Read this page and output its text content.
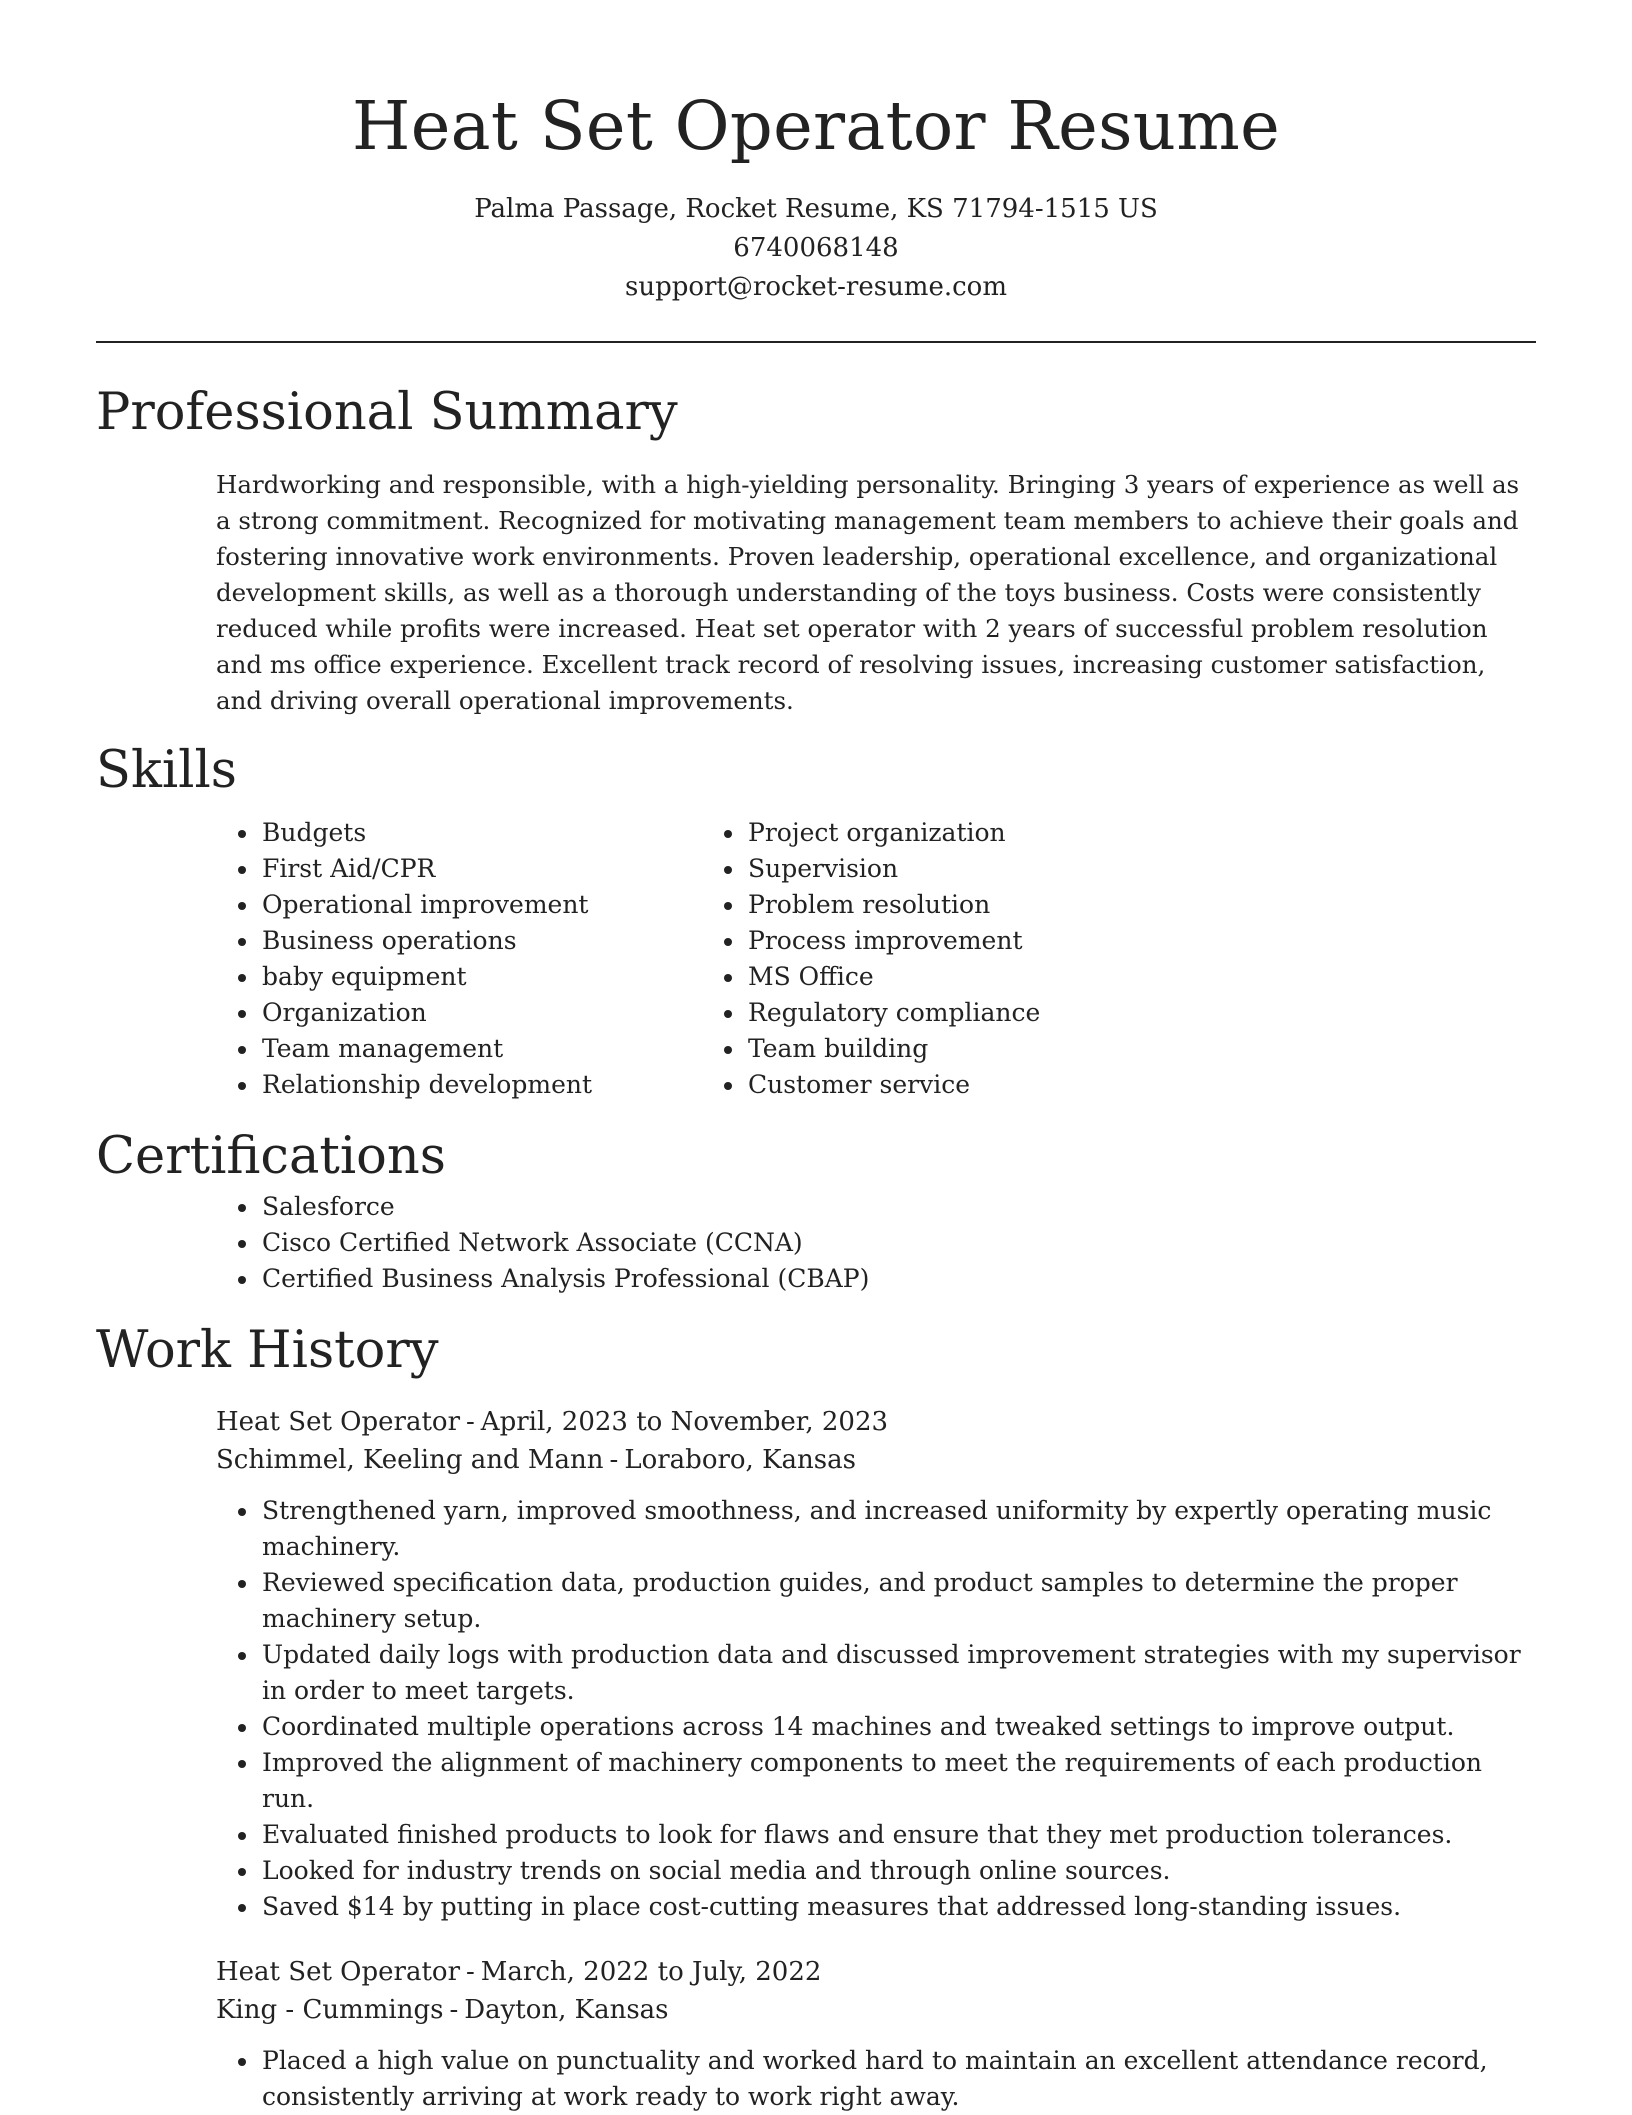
Heat Set Operator Resume
Palma Passage, Rocket Resume, KS 71794-1515 US
6740068148
support@rocket-resume.com
Professional Summary

Hardworking and responsible, with a high-yielding personality. Bringing 3 years of experience as well as a strong commitment. Recognized for motivating management team members to achieve their goals and fostering innovative work environments. Proven leadership, operational excellence, and organizational development skills, as well as a thorough understanding of the toys business. Costs were consistently reduced while profits were increased. Heat set operator with 2 years of successful problem resolution and ms office experience. Excellent track record of resolving issues, increasing customer satisfaction, and driving overall operational improvements.

Skills
• Budgets
• First Aid/CPR
• Operational improvement
• Business operations
• baby equipment
• Organization
• Team management
• Relationship development
• Project organization
• Supervision
• Problem resolution
• Process improvement
• MS Office
• Regulatory compliance
• Team building
• Customer service
Certifications
• Salesforce
• Cisco Certified Network Associate (CCNA)
• Certified Business Analysis Professional (CBAP)
Work History
Heat Set Operator - April, 2023 to November, 2023
Schimmel, Keeling and Mann - Loraboro, Kansas
• Strengthened yarn, improved smoothness, and increased uniformity by expertly operating music machinery.
• Reviewed specification data, production guides, and product samples to determine the proper machinery setup.
• Updated daily logs with production data and discussed improvement strategies with my supervisor in order to meet targets.
• Coordinated multiple operations across 14 machines and tweaked settings to improve output.
• Improved the alignment of machinery components to meet the requirements of each production run.
• Evaluated finished products to look for flaws and ensure that they met production tolerances.
• Looked for industry trends on social media and through online sources.
• Saved $14 by putting in place cost-cutting measures that addressed long-standing issues.
Heat Set Operator - March, 2022 to July, 2022
King - Cummings - Dayton, Kansas
• Placed a high value on punctuality and worked hard to maintain an excellent attendance record, consistently arriving at work ready to work right away.
